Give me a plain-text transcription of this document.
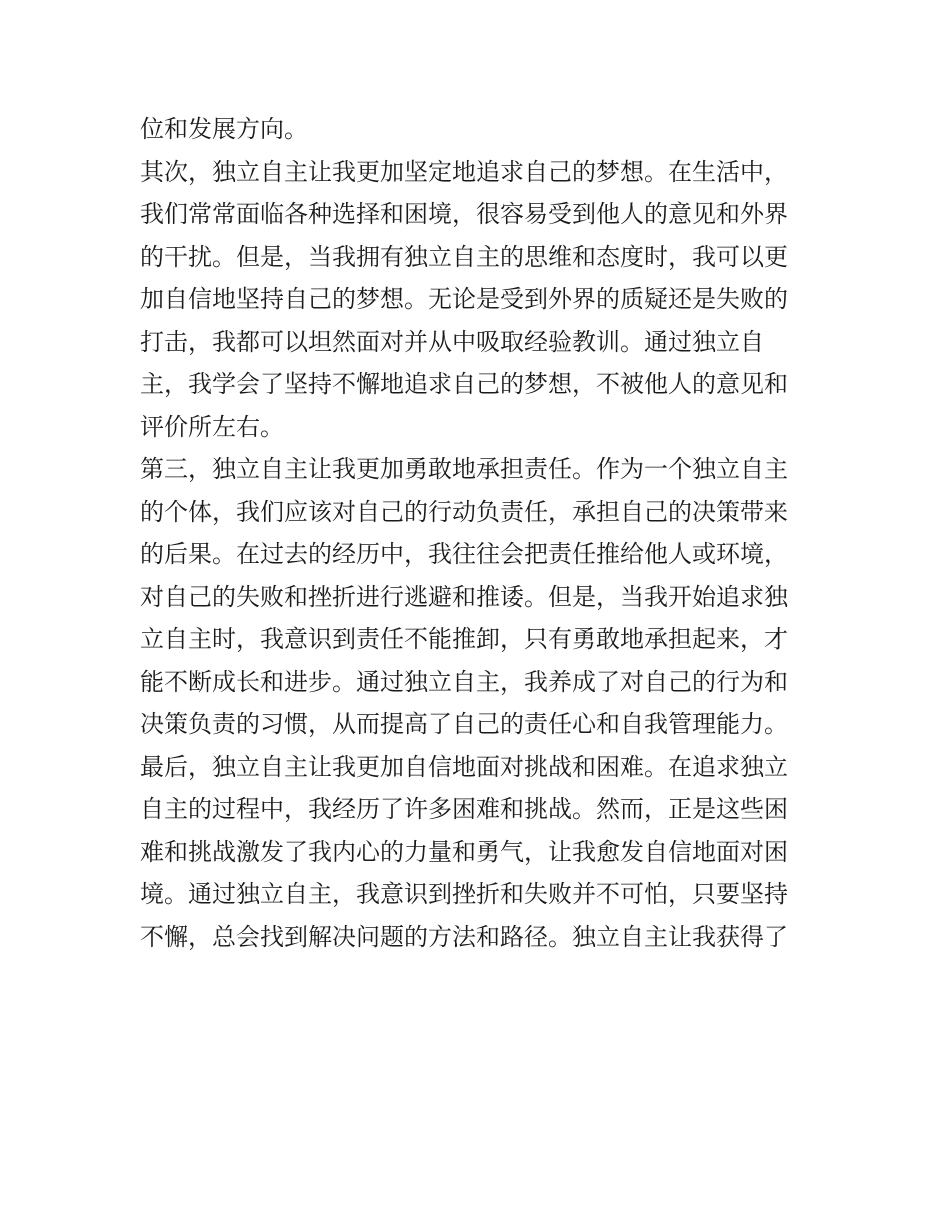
位和发展方向。
其次，独立自主让我更加坚定地追求自己的梦想。在生活中，
我们常常面临各种选择和困境，很容易受到他人的意见和外界
的干扰。但是，当我拥有独立自主的思维和态度时，我可以更
加自信地坚持自己的梦想。无论是受到外界的质疑还是失败的
打击，我都可以坦然面对并从中吸取经验教训。通过独立自
主，我学会了坚持不懈地追求自己的梦想，不被他人的意见和
评价所左右。
第三，独立自主让我更加勇敢地承担责任。作为一个独立自主
的个体，我们应该对自己的行动负责任，承担自己的决策带来
的后果。在过去的经历中，我往往会把责任推给他人或环境，
对自己的失败和挫折进行逃避和推诿。但是，当我开始追求独
立自主时，我意识到责任不能推卸，只有勇敢地承担起来，才
能不断成长和进步。通过独立自主，我养成了对自己的行为和
决策负责的习惯，从而提高了自己的责任心和自我管理能力。
最后，独立自主让我更加自信地面对挑战和困难。在追求独立
自主的过程中，我经历了许多困难和挑战。然而，正是这些困
难和挑战激发了我内心的力量和勇气，让我愈发自信地面对困
境。通过独立自主，我意识到挫折和失败并不可怕，只要坚持
不懈，总会找到解决问题的方法和路径。独立自主让我获得了
